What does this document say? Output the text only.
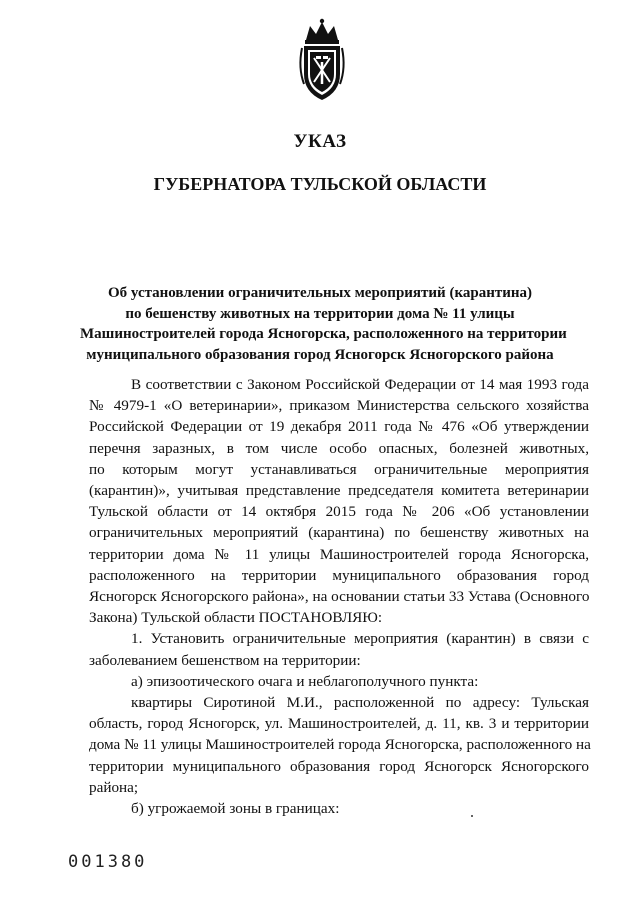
УКАЗ
ГУБЕРНАТОРА ТУЛЬСКОЙ ОБЛАСТИ
Об установлении ограничительных мероприятий (карантина)
по бешенству животных на территории дома № 11 улицы
Машиностроителей города Ясногорска, расположенного на территории
муниципального образования город Ясногорск Ясногорского района
В соответствии с Законом Российской Федерации от 14 мая 1993 года
№ 4979-1 «О ветеринарии», приказом Министерства сельского хозяйства
Российской Федерации от 19 декабря 2011 года № 476 «Об утверждении
перечня заразных, в том числе особо опасных, болезней животных,
по которым могут устанавливаться ограничительные мероприятия
(карантин)», учитывая представление председателя комитета ветеринарии
Тульской области от 14 октября 2015 года № 206 «Об установлении
ограничительных мероприятий (карантина) по бешенству животных на
территории дома № 11 улицы Машиностроителей города Ясногорска,
расположенного на территории муниципального образования город
Ясногорск Ясногорского района», на основании статьи 33 Устава (Основного
Закона) Тульской области ПОСТАНОВЛЯЮ:
1. Установить ограничительные мероприятия (карантин) в связи с
заболеванием бешенством на территории:
а) эпизоотического очага и неблагополучного пункта:
квартиры Сиротиной М.И., расположенной по адресу: Тульская
область, город Ясногорск, ул. Машиностроителей, д. 11, кв. 3 и территории
дома № 11 улицы Машиностроителей города Ясногорска, расположенного на
территории муниципального образования город Ясногорск Ясногорского
района;
б) угрожаемой зоны в границах:
001380
